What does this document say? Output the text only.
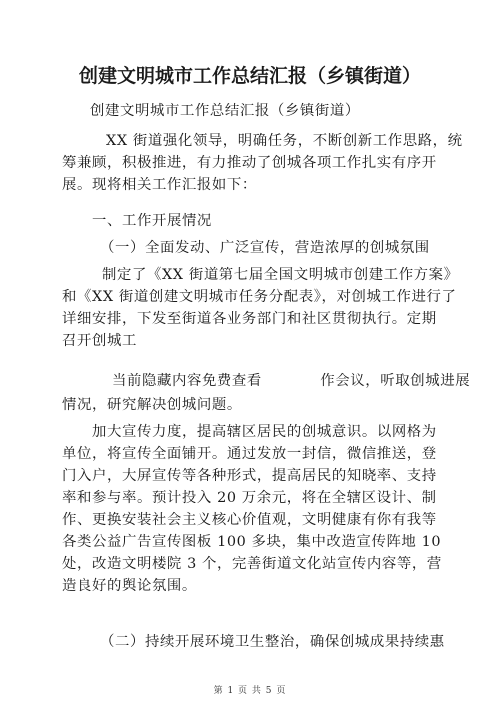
创建文明城市工作总结汇报（乡镇街道）
创建文明城市工作总结汇报（乡镇街道）
XX 街道强化领导，明确任务，不断创新工作思路，统
筹兼顾，积极推进，有力推动了创城各项工作扎实有序开
展。现将相关工作汇报如下：
一、工作开展情况
（一）全面发动、广泛宣传，营造浓厚的创城氛围
制定了《XX 街道第七届全国文明城市创建工作方案》
和《XX 街道创建文明城市任务分配表》，对创城工作进行了
详细安排，下发至街道各业务部门和社区贯彻执行。定期
召开创城工
当前隐藏内容免费查看	作会议，听取创城进展
情况，研究解决创城问题。
加大宣传力度，提高辖区居民的创城意识。以网格为
单位，将宣传全面铺开。通过发放一封信，微信推送，登
门入户，大屏宣传等各种形式，提高居民的知晓率、支持
率和参与率。预计投入 20 万余元，将在全辖区设计、制
作、更换安装社会主义核心价值观，文明健康有你有我等
各类公益广告宣传图板 100 多块，集中改造宣传阵地 10
处，改造文明楼院 3 个，完善街道文化站宣传内容等，营
造良好的舆论氛围。
（二）持续开展环境卫生整治，确保创城成果持续惠
第 1 页 共 5 页
